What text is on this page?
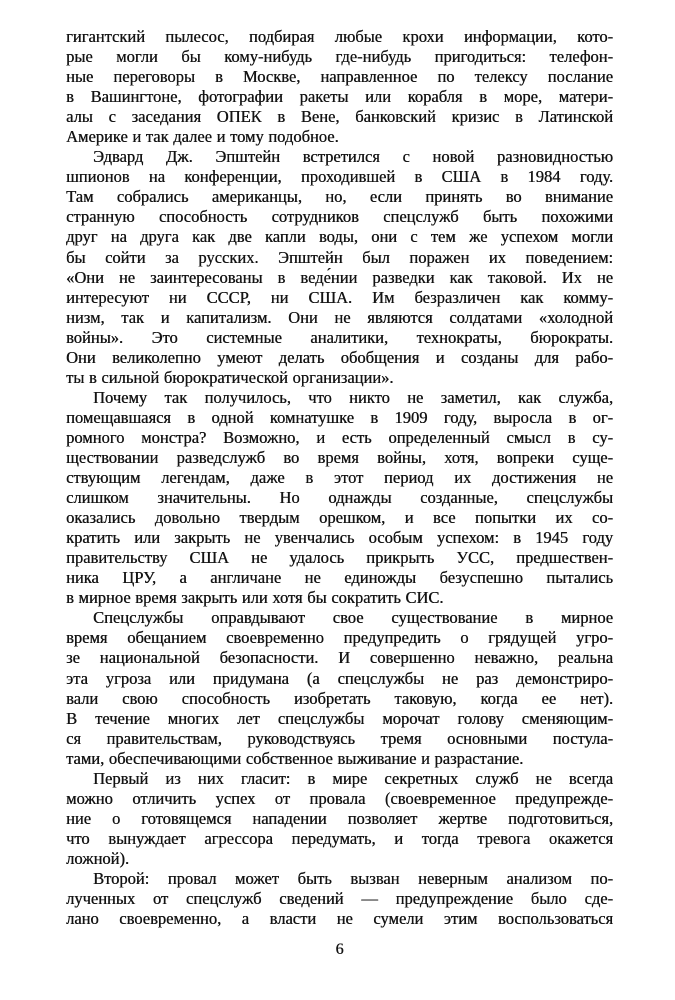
гигантский пылесос, подбирая любые крохи информации, кото-
рые могли бы кому-нибудь где-нибудь пригодиться: телефон-
ные переговоры в Москве, направленное по телексу послание
в Вашингтоне, фотографии ракеты или корабля в море, матери-
алы с заседания ОПЕК в Вене, банковский кризис в Латинской
Америке и так далее и тому подобное.

Эдвард Дж. Эпштейн встретился с новой разновидностью
шпионов на конференции, проходившей в США в 1984 году.
Там собрались американцы, но, если принять во внимание
странную способность сотрудников спецслужб быть похожими
друг на друга как две капли воды, они с тем же успехом могли
бы сойти за русских. Эпштейн был поражен их поведением:
«Они не заинтересованы в веде́нии разведки как таковой. Их не
интересуют ни СССР, ни США. Им безразличен как комму-
низм, так и капитализм. Они не являются солдатами «холодной
войны». Это системные аналитики, технократы, бюрократы.
Они великолепно умеют делать обобщения и созданы для рабо-
ты в сильной бюрократической организации».

Почему так получилось, что никто не заметил, как служба,
помещавшаяся в одной комнатушке в 1909 году, выросла в ог-
ромного монстра? Возможно, и есть определенный смысл в су-
ществовании разведслужб во время войны, хотя, вопреки суще-
ствующим легендам, даже в этот период их достижения не
слишком значительны. Но однажды созданные, спецслужбы
оказались довольно твердым орешком, и все попытки их со-
кратить или закрыть не увенчались особым успехом: в 1945 году
правительству США не удалось прикрыть УСС, предшествен-
ника ЦРУ, а англичане не единожды безуспешно пытались
в мирное время закрыть или хотя бы сократить СИС.

Спецслужбы оправдывают свое существование в мирное
время обещанием своевременно предупредить о грядущей угро-
зе национальной безопасности. И совершенно неважно, реальна
эта угроза или придумана (а спецслужбы не раз демонстриро-
вали свою способность изобретать таковую, когда ее нет).
В течение многих лет спецслужбы морочат голову сменяющим-
ся правительствам, руководствуясь тремя основными постула-
тами, обеспечивающими собственное выживание и разрастание.

Первый из них гласит: в мире секретных служб не всегда
можно отличить успех от провала (своевременное предупрежде-
ние о готовящемся нападении позволяет жертве подготовиться,
что вынуждает агрессора передумать, и тогда тревога окажется
ложной).

Второй: провал может быть вызван неверным анализом по-
лученных от спецслужб сведений — предупреждение было сде-
лано своевременно, а власти не сумели этим воспользоваться

6
